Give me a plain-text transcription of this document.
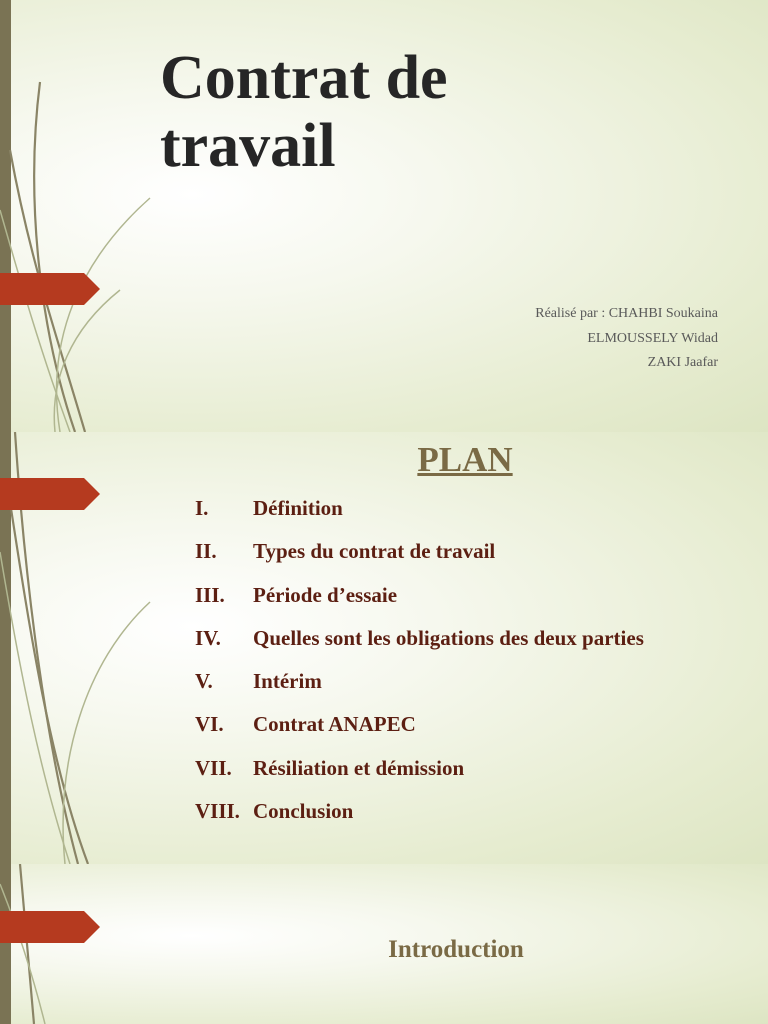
Contrat de
travail
Réalisé par : CHAHBI Soukaina
ELMOUSSELY Widad
ZAKI Jaafar
PLAN
I. Définition
II. Types du contrat de travail
III. Période d’essaie
IV. Quelles sont les obligations des deux parties
V. Intérim
VI. Contrat ANAPEC
VII. Résiliation et démission
VIII. Conclusion
Introduction
